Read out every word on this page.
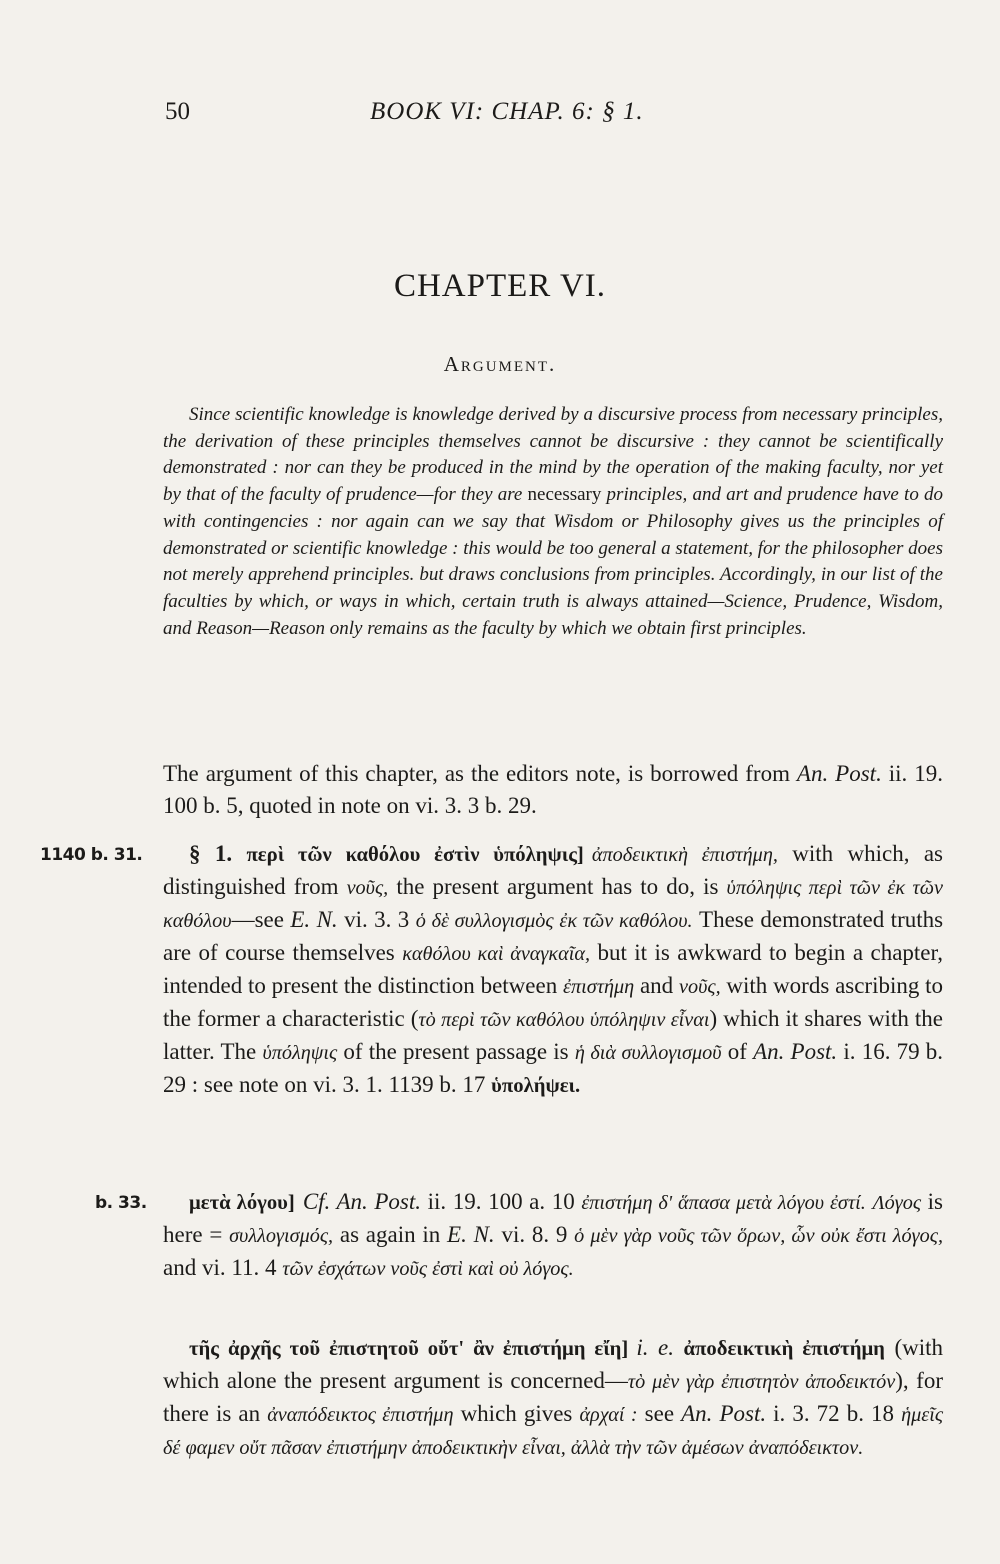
50	BOOK VI: CHAP. 6: § 1.
CHAPTER VI.
Argument.
Since scientific knowledge is knowledge derived by a discursive process from necessary principles, the derivation of these principles themselves cannot be discursive : they cannot be scientifically demonstrated : nor can they be produced in the mind by the operation of the making faculty, nor yet by that of the faculty of prudence—for they are necessary principles, and art and prudence have to do with contingencies : nor again can we say that Wisdom or Philosophy gives us the principles of demonstrated or scientific knowledge : this would be too general a statement, for the philosopher does not merely apprehend principles. but draws conclusions from principles. Accordingly, in our list of the faculties by which, or ways in which, certain truth is always attained—Science, Prudence, Wisdom, and Reason—Reason only remains as the faculty by which we obtain first principles.
The argument of this chapter, as the editors note, is borrowed from An. Post. ii. 19. 100 b. 5, quoted in note on vi. 3. 3 b. 29.
1140 b. 31.	§ 1. περὶ τῶν καθόλου ἐστὶν ὑπόληψις] ἀποδεικτικὴ ἐπιστήμη, with which, as distinguished from νοῦς, the present argument has to do, is ὑπόληψις περὶ τῶν ἐκ τῶν καθόλου—see E. N. vi. 3. 3 ὁ δὲ συλλογισμὸς ἐκ τῶν καθόλου. These demonstrated truths are of course themselves καθόλου καὶ ἀναγκαῖα, but it is awkward to begin a chapter, intended to present the distinction between ἐπιστήμη and νοῦς, with words ascribing to the former a characteristic (τὸ περὶ τῶν καθόλου ὑπόληψιν εἶναι) which it shares with the latter. The ὑπόληψις of the present passage is ἡ διὰ συλλογισμοῦ of An. Post. i. 16. 79 b. 29 : see note on vi. 3. 1. 1139 b. 17 ὑπολήψει.
b. 33.	μετὰ λόγου] Cf. An. Post. ii. 19. 100 a. 10 ἐπιστήμη δ' ἅπασα μετὰ λόγου ἐστί. Λόγος is here = συλλογισμός, as again in E. N. vi. 8. 9 ὁ μὲν γὰρ νοῦς τῶν ὅρων, ὧν οὐκ ἔστι λόγος, and vi. 11. 4 τῶν ἐσχάτων νοῦς ἐστὶ καὶ οὐ λόγος.
τῆς ἀρχῆς τοῦ ἐπιστητοῦ οὔτ' ἂν ἐπιστήμη εἴη] i. e. ἀποδεικτικὴ ἐπιστήμη (with which alone the present argument is concerned—τὸ μὲν γὰρ ἐπιστητὸν ἀποδεικτόν), for there is an ἀναπόδεικτος ἐπιστήμη which gives ἀρχαί : see An. Post. i. 3. 72 b. 18 ἡμεῖς δέ φαμεν οὔτ πᾶσαν ἐπιστήμην ἀποδεικτικὴν εἶναι, ἀλλὰ τὴν τῶν ἀμέσων ἀναπόδεικτον.
